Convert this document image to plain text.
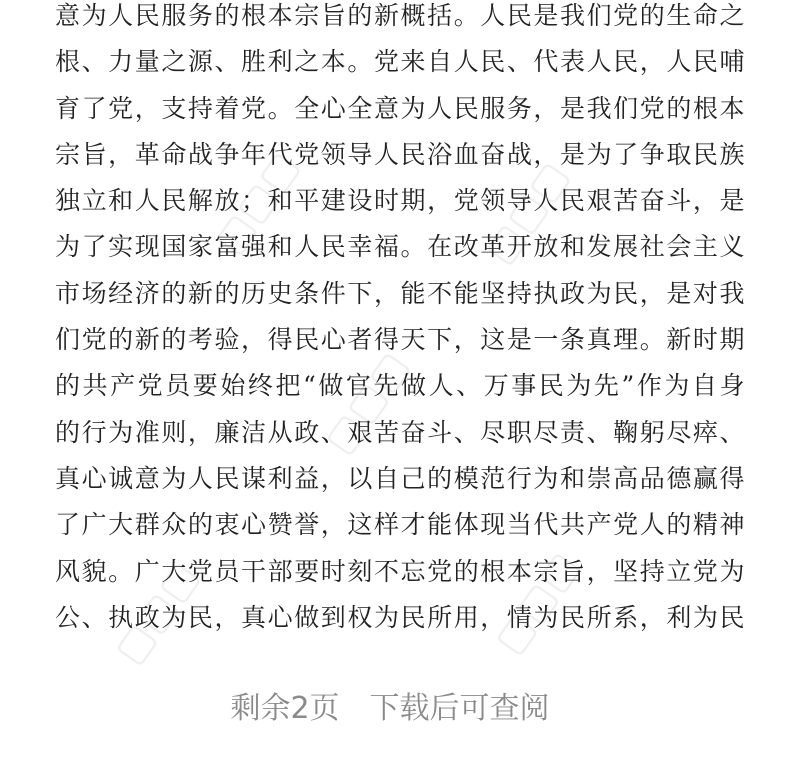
▢▢▢	▢▢▢
▢▢▢
▢▢▢	▢▢▢
意为人民服务的根本宗旨的新概括。人民是我们党的生命之
根、力量之源、胜利之本。党来自人民、代表人民，人民哺
育了党，支持着党。全心全意为人民服务，是我们党的根本
宗旨，革命战争年代党领导人民浴血奋战，是为了争取民族
独立和人民解放；和平建设时期，党领导人民艰苦奋斗，是
为了实现国家富强和人民幸福。在改革开放和发展社会主义
市场经济的新的历史条件下，能不能坚持执政为民，是对我
们党的新的考验，得民心者得天下，这是一条真理。新时期
的共产党员要始终把“做官先做人、万事民为先”作为自身
的行为准则，廉洁从政、艰苦奋斗、尽职尽责、鞠躬尽瘁、
真心诚意为人民谋利益，以自己的模范行为和崇高品德赢得
了广大群众的衷心赞誉，这样才能体现当代共产党人的精神
风貌。广大党员干部要时刻不忘党的根本宗旨，坚持立党为
公、执政为民，真心做到权为民所用，情为民所系，利为民
剩余2页 下载后可查阅
